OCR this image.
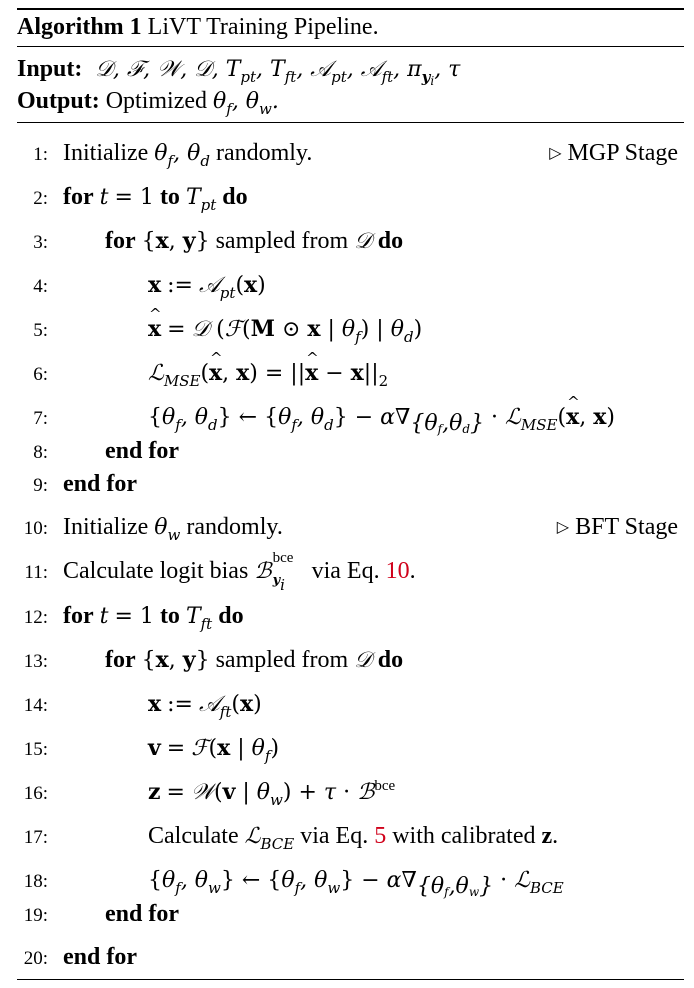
Algorithm 1 LiVT Training Pipeline.
Input:  𝒟, ℱ, 𝒲, 𝒟, $T_{pt}$, $T_{ft}$, 𝒜$_{pt}$, 𝒜$_{ft}$, $\pi_{y_i}$, τ
Output: Optimized $\theta_f$, $\theta_w$.
1: Initialize $\theta_f$, $\theta_d$ randomly.	▷ MGP Stage
2: for t = 1 to $T_{pt}$ do
3: for {x, y} sampled from 𝒟 do
4:	x := 𝒜$_{pt}$(x)
5:	x ^ = 𝒟 (ℱ(M ⊙ x | $\theta_f$) | $\theta_d$)
6:	ℒ$_{MSE}$(x ^, x) = ||x ^ − $x||_2$
7:	{$\theta_f$, $\theta_d$} ← {$\theta_f$, $\theta_d\} - \alpha\nabla_{\{\theta_f,\theta_d\}}$ · ℒ$_{MSE}$(x ^, x)
8: end for
9: end for
10: Initialize $\theta_w$ randomly.	▷ BFT Stage
11: Calculate logit bias ℬ
bce
$y_i$
via Eq. 10.
12: for t = 1 to $T_{ft}$ do
13: for {x, y} sampled from 𝒟 do
14:	x := 𝒜$_{ft}$(x)
15:	v = ℱ(x | $\theta_f$)
16:	z = 𝒲(v | $\theta_w) + \tau$ · ℬ$^{bce}$
17:	Calculate ℒ$_{BCE}$ via Eq. 5 with calibrated z.
18:	{$\theta_f$, $\theta_w$} ← {$\theta_f$, $\theta_w\} - \alpha\nabla_{\{\theta_f,\theta_w\}}$ · ℒ$_{BCE}$
19: end for
20: end for
